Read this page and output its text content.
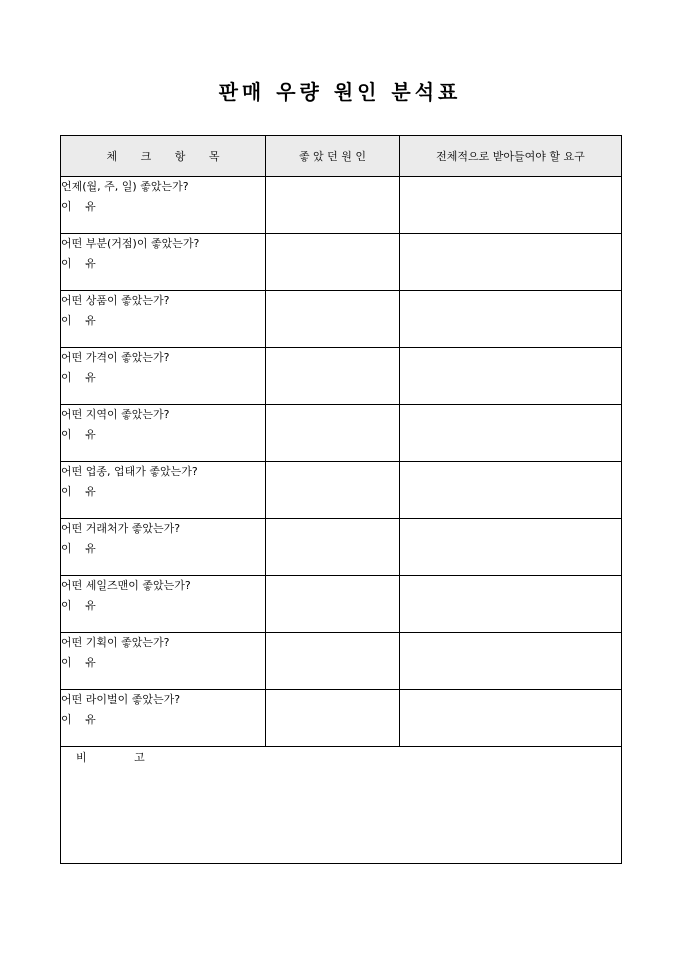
판매 우량 원인 분석표
체 크 항 목	좋 았 던 원 인	전체적으로 받아들여야 할 요구
언제(월, 주, 일) 좋았는가?
이 유		

어떤 부분(거점)이 좋았는가?
이 유		

어떤 상품이 좋았는가?
이 유		

어떤 가격이 좋았는가?
이 유		

어떤 지역이 좋았는가?
이 유		

어떤 업종, 업태가 좋았는가?
이 유		

어떤 거래처가 좋았는가?
이 유		

어떤 세일즈맨이 좋았는가?
이 유		

어떤 기획이 좋았는가?
이 유		

어떤 라이벌이 좋았는가?
이 유		

비 고		
